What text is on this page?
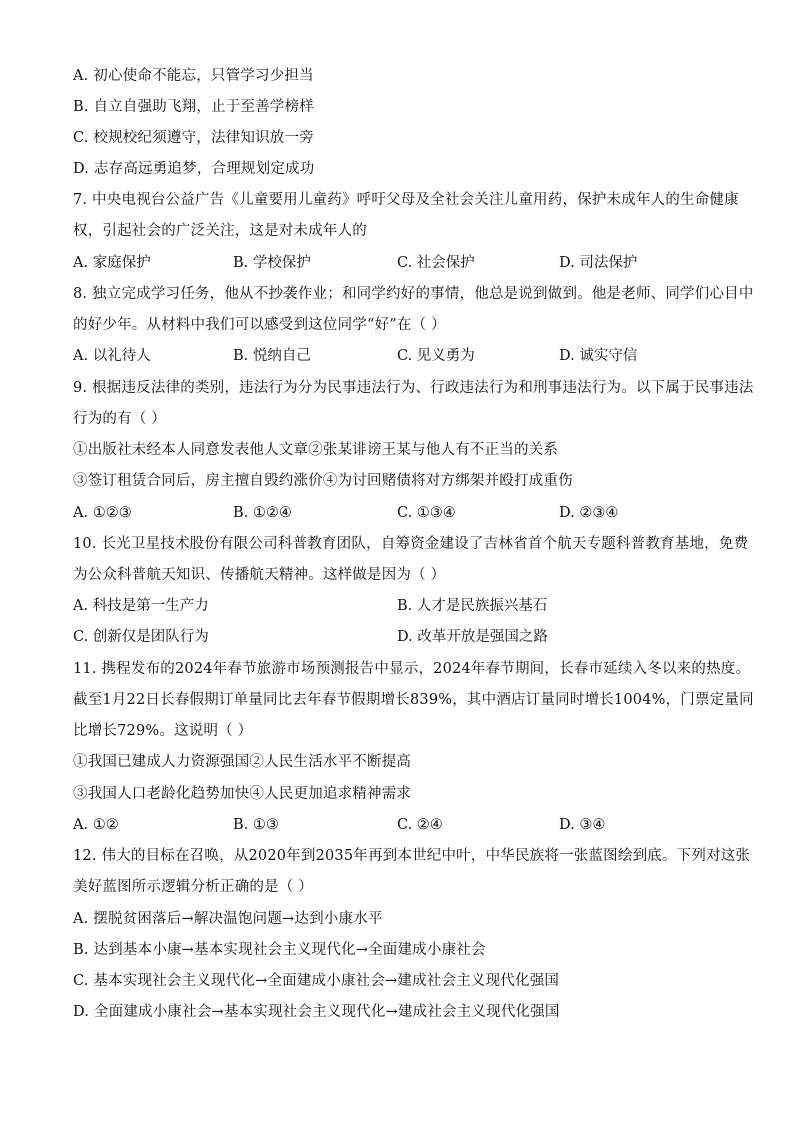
A. 初心使命不能忘，只管学习少担当
B. 自立自强助飞翔，止于至善学榜样
C. 校规校纪须遵守，法律知识放一旁
D. 志存高远勇追梦，合理规划定成功
7. 中央电视台公益广告《儿童要用儿童药》呼吁父母及全社会关注儿童用药，保护未成年人的生命健康
权，引起社会的广泛关注，这是对未成年人的
A. 家庭保护	B. 学校保护	C. 社会保护	D. 司法保护
8. 独立完成学习任务，他从不抄袭作业；和同学约好的事情，他总是说到做到。他是老师、同学们心目中
的好少年。从材料中我们可以感受到这位同学“好”在（ ）
A. 以礼待人	B. 悦纳自己	C. 见义勇为	D. 诚实守信
9. 根据违反法律的类别，违法行为分为民事违法行为、行政违法行为和刑事违法行为。以下属于民事违法
行为的有（ ）
①出版社未经本人同意发表他人文章②张某诽谤王某与他人有不正当的关系
③签订租赁合同后，房主擅自毁约涨价④为讨回赌债将对方绑架并殴打成重伤
A. ①②③	B. ①②④	C. ①③④	D. ②③④
10. 长光卫星技术股份有限公司科普教育团队，自筹资金建设了吉林省首个航天专题科普教育基地，免费
为公众科普航天知识、传播航天精神。这样做是因为（ ）
A. 科技是第一生产力	B. 人才是民族振兴基石
C. 创新仅是团队行为	D. 改革开放是强国之路
11. 携程发布的2024年春节旅游市场预测报告中显示，2024年春节期间，长春市延续入冬以来的热度。
截至1月22日长春假期订单量同比去年春节假期增长839%，其中酒店订量同时增长1004%，门票定量同
比增长729%。这说明（ ）
①我国已建成人力资源强国②人民生活水平不断提高
③我国人口老龄化趋势加快④人民更加追求精神需求
A. ①②	B. ①③	C. ②④	D. ③④
12. 伟大的目标在召唤，从2020年到2035年再到本世纪中叶，中华民族将一张蓝图绘到底。下列对这张
美好蓝图所示逻辑分析正确的是（ ）
A. 摆脱贫困落后→解决温饱问题→达到小康水平
B. 达到基本小康→基本实现社会主义现代化→全面建成小康社会
C. 基本实现社会主义现代化→全面建成小康社会→建成社会主义现代化强国
D. 全面建成小康社会→基本实现社会主义现代化→建成社会主义现代化强国
